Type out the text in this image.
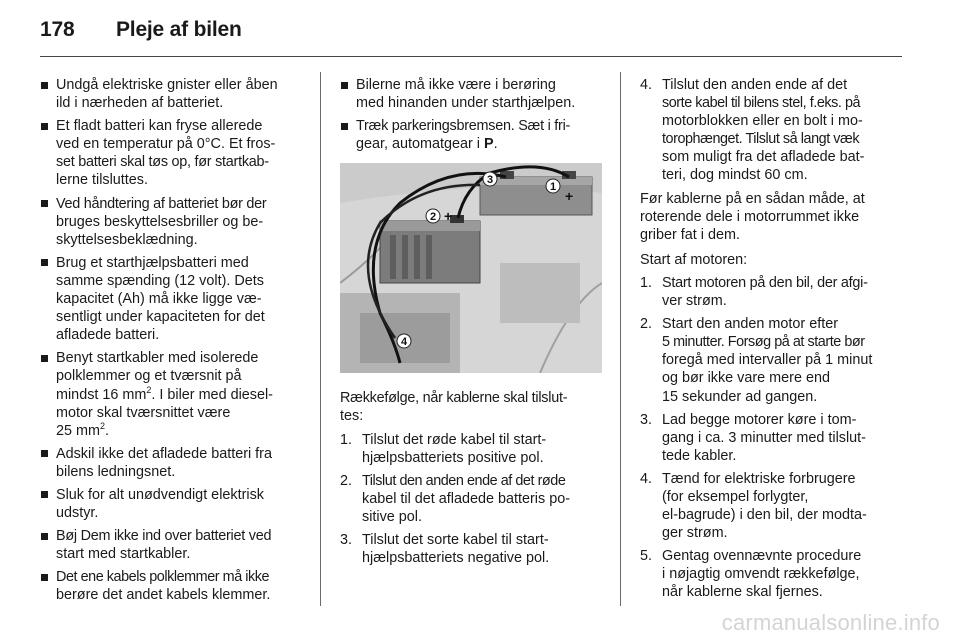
178 Pleje af bilen
Undgå elektriske gnister eller åben
ild i nærheden af batteriet.
Et fladt batteri kan fryse allerede
ved en temperatur på 0°C. Et fros-
set batteri skal tøs op, før startkab-
lerne tilsluttes.
Ved håndtering af batteriet bør der
bruges beskyttelsesbriller og be-
skyttelsesbeklædning.
Brug et starthjælpsbatteri med
samme spænding (12 volt). Dets
kapacitet (Ah) må ikke ligge væ-
sentligt under kapaciteten for det
afladede batteri.
Benyt startkabler med isolerede
polklemmer og et tværsnit på
mindst 16 $mm^2$. I biler med diesel-
motor skal tværsnittet være
25 $mm^2$.
Adskil ikke det afladede batteri fra
bilens ledningsnet.
Sluk for alt unødvendigt elektrisk
udstyr.
Bøj Dem ikke ind over batteriet ved
start med startkabler.
Det ene kabels polklemmer må ikke
berøre det andet kabels klemmer.
Bilerne må ikke være i berøring
med hinanden under starthjælpen.
Træk parkeringsbremsen. Sæt i fri-
gear, automatgear i P.
1
+
2 +
3
4
Rækkefølge, når kablerne skal tilslut-
tes:
1. Tilslut det røde kabel til start-
hjælpsbatteriets positive pol.
2. Tilslut den anden ende af det røde
kabel til det afladede batteris po-
sitive pol.
3. Tilslut det sorte kabel til start-
hjælpsbatteriets negative pol.
4. Tilslut den anden ende af det
sorte kabel til bilens stel, f.eks. på
motorblokken eller en bolt i mo-
torophænget. Tilslut så langt væk
som muligt fra det afladede bat-
teri, dog mindst 60 cm.
Før kablerne på en sådan måde, at
roterende dele i motorrummet ikke
griber fat i dem.
Start af motoren:
1. Start motoren på den bil, der afgi-
ver strøm.
2. Start den anden motor efter
5 minutter. Forsøg på at starte bør
foregå med intervaller på 1 minut
og bør ikke vare mere end
15 sekunder ad gangen.
3. Lad begge motorer køre i tom-
gang i ca. 3 minutter med tilslut-
tede kabler.
4. Tænd for elektriske forbrugere
(for eksempel forlygter,
el-bagrude) i den bil, der modta-
ger strøm.
5. Gentag ovennævnte procedure
i nøjagtig omvendt rækkefølge,
når kablerne skal fjernes.
carmanualsonline.info
